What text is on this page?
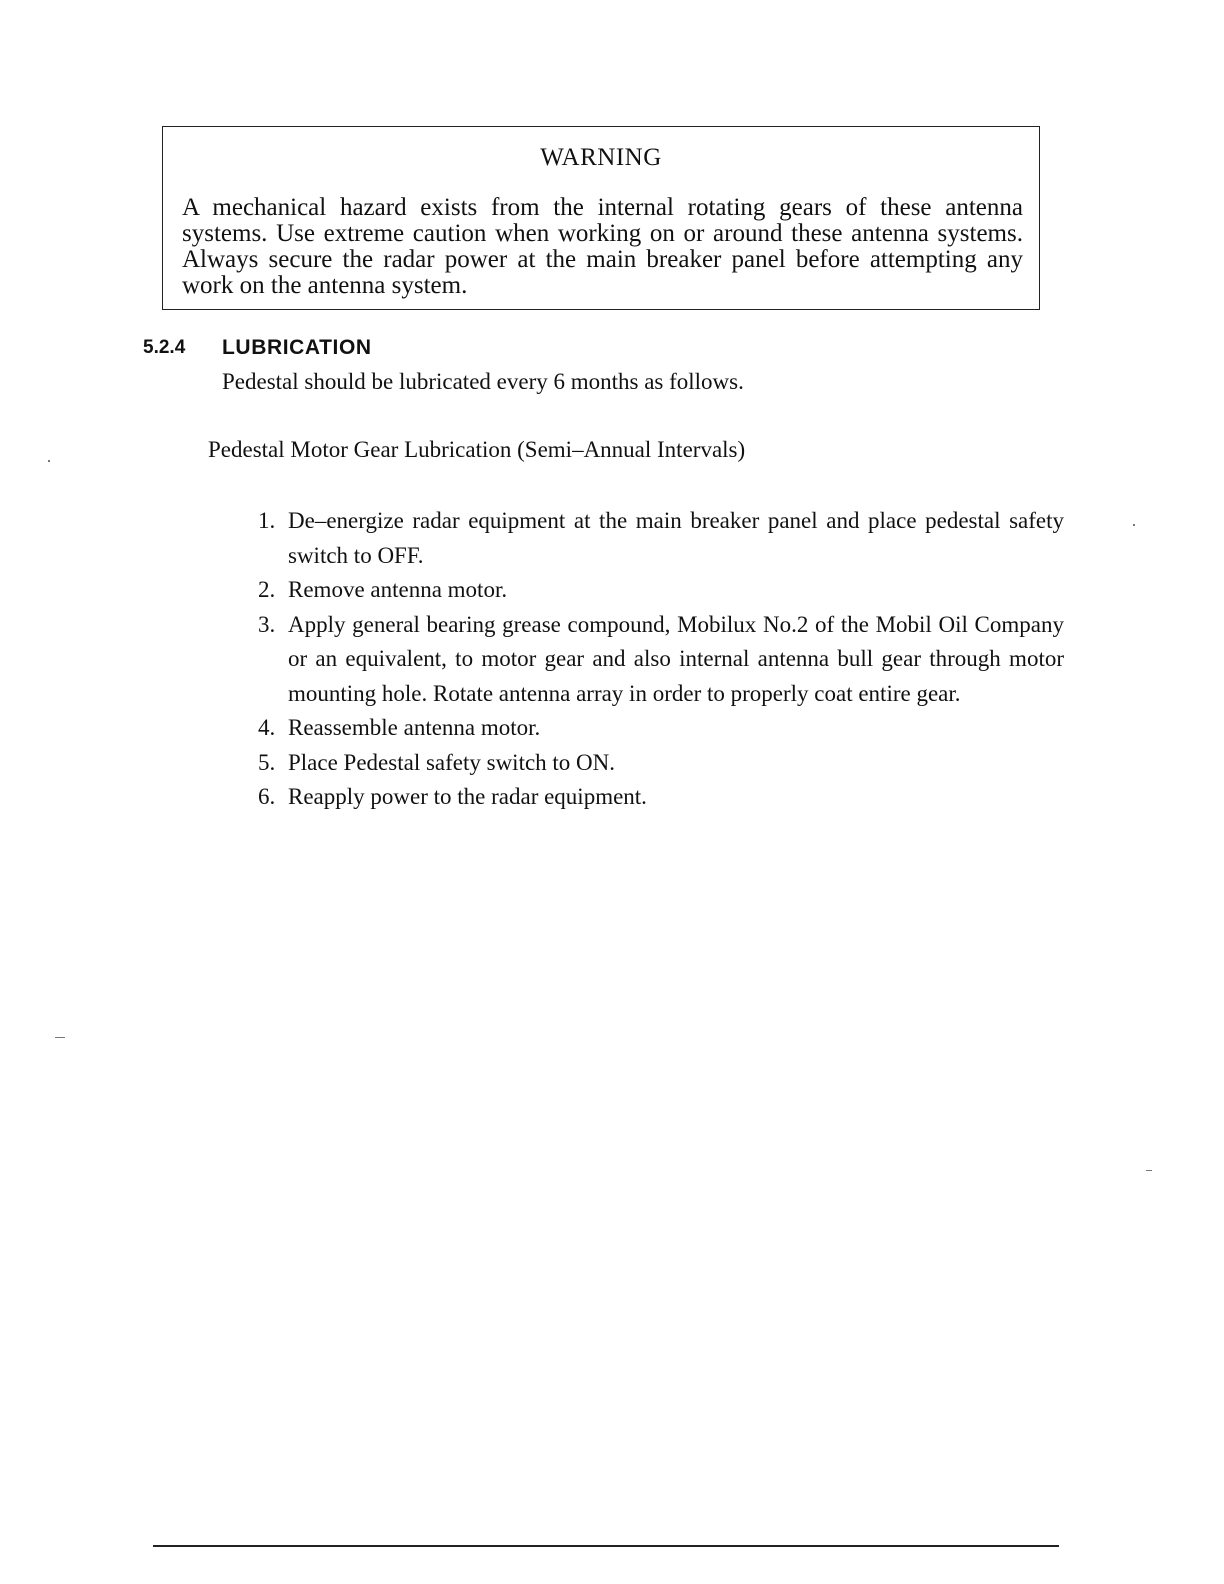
WARNING
A mechanical hazard exists from the internal rotating gears of these antenna systems. Use extreme caution when working on or around these antenna systems. Always secure the radar power at the main breaker panel before attempting any work on the antenna system.
5.2.4 LUBRICATION
Pedestal should be lubricated every 6 months as follows.
Pedestal Motor Gear Lubrication (Semi–Annual Intervals)
1. De–energize radar equipment at the main breaker panel and place pedestal safety switch to OFF.
2. Remove antenna motor.
3. Apply general bearing grease compound, Mobilux No.2 of the Mobil Oil Company or an equivalent, to motor gear and also internal antenna bull gear through motor mounting hole. Rotate antenna array in order to properly coat entire gear.
4. Reassemble antenna motor.
5. Place Pedestal safety switch to ON.
6. Reapply power to the radar equipment.
